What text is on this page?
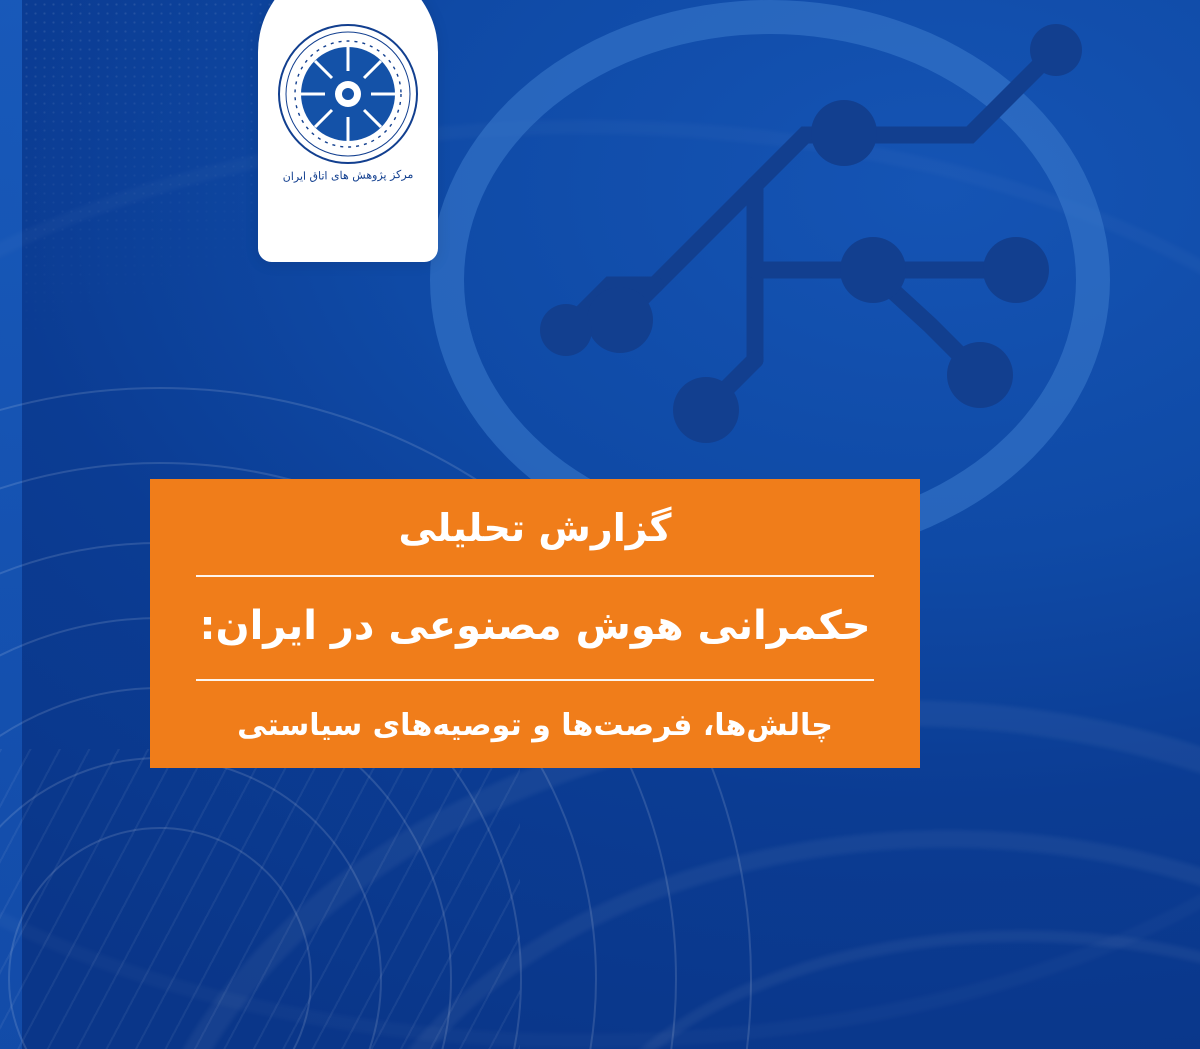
مرکز پژوهش های اتاق ایران
گزارش تحلیلی
حکمرانی هوش مصنوعی در ایران:
چالش‌ها، فرصت‌ها و توصیه‌های سیاستی
